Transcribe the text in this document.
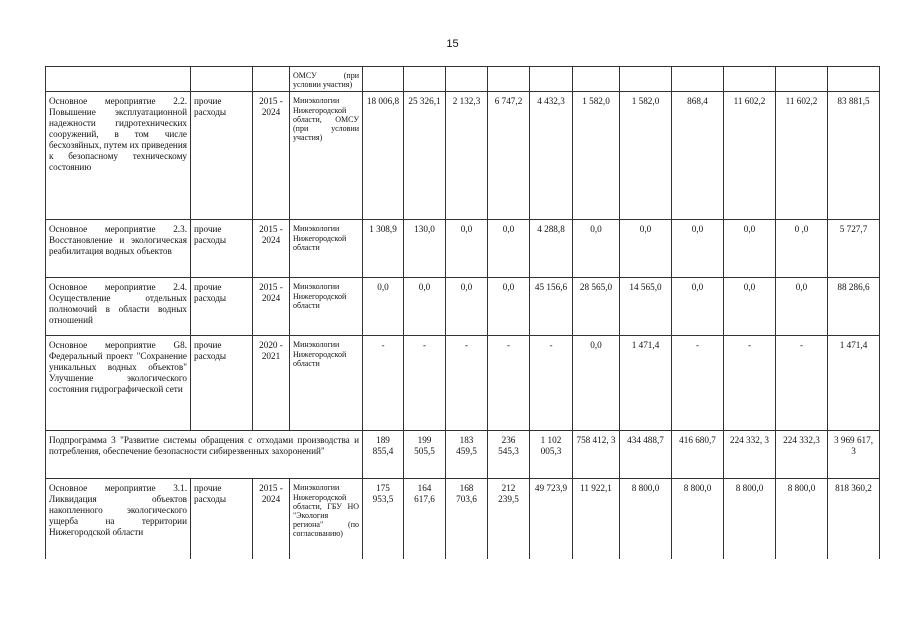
15
			ОМСУ (при условии участия)											
Основное мероприятие 2.2. Повышение эксплуатационной надежности гидротехнических сооружений, в том числе бесхозяйных, путем их приведения к безопасному техническому состоянию	прочие расходы	2015 - 2024	Минэкологии Нижегородской области, ОМСУ (при условии участия)	18 006,8	25 326,1	2 132,3	6 747,2	4 432,3	1 582,0	1 582,0	868,4	11 602,2	11 602,2	83 881,5
Основное мероприятие 2.3. Восстановление и экологическая реабилитация водных объектов	прочие расходы	2015 - 2024	Минэкологии Нижегородской области	1 308,9	130,0	0,0	0,0	4 288,8	0,0	0,0	0,0	0,0	0 ,0	5 727,7
Основное мероприятие 2.4. Осуществление отдельных полномочий в области водных отношений	прочие расходы	2015 - 2024	Минэкологии Нижегородской области	0,0	0,0	0,0	0,0	45 156,6	28 565,0	14 565,0	0,0	0,0	0,0	88 286,6
Основное мероприятие G8. Федеральный проект "Сохранение уникальных водных объектов" Улучшение экологического состояния гидрографической сети	прочие расходы	2020 - 2021	Минэкологии Нижегородской области	-	-	-	-	-	0,0	1 471,4	-	-	-	1 471,4
Подпрограмма 3 "Развитие системы обращения с отходами производства и потребления, обеспечение безопасности сибирезвенных захоронений"				189 855,4	199 505,5	183 459,5	236 545,3	1 102 005,3	758 412, 3	434 488,7	416 680,7	224 332, 3	224 332,3	3 969 617, 3
Основное мероприятие 3.1. Ликвидация объектов накопленного экологического ущерба на территории Нижегородской области	прочие расходы	2015 - 2024	Минэкологии Нижегородской области, ГБУ НО "Экология региона" (по согласованию)	175 953,5	164 617,6	168 703,6	212 239,5	49 723,9	11 922,1	8 800,0	8 800,0	8 800,0	8 800,0	818 360,2
